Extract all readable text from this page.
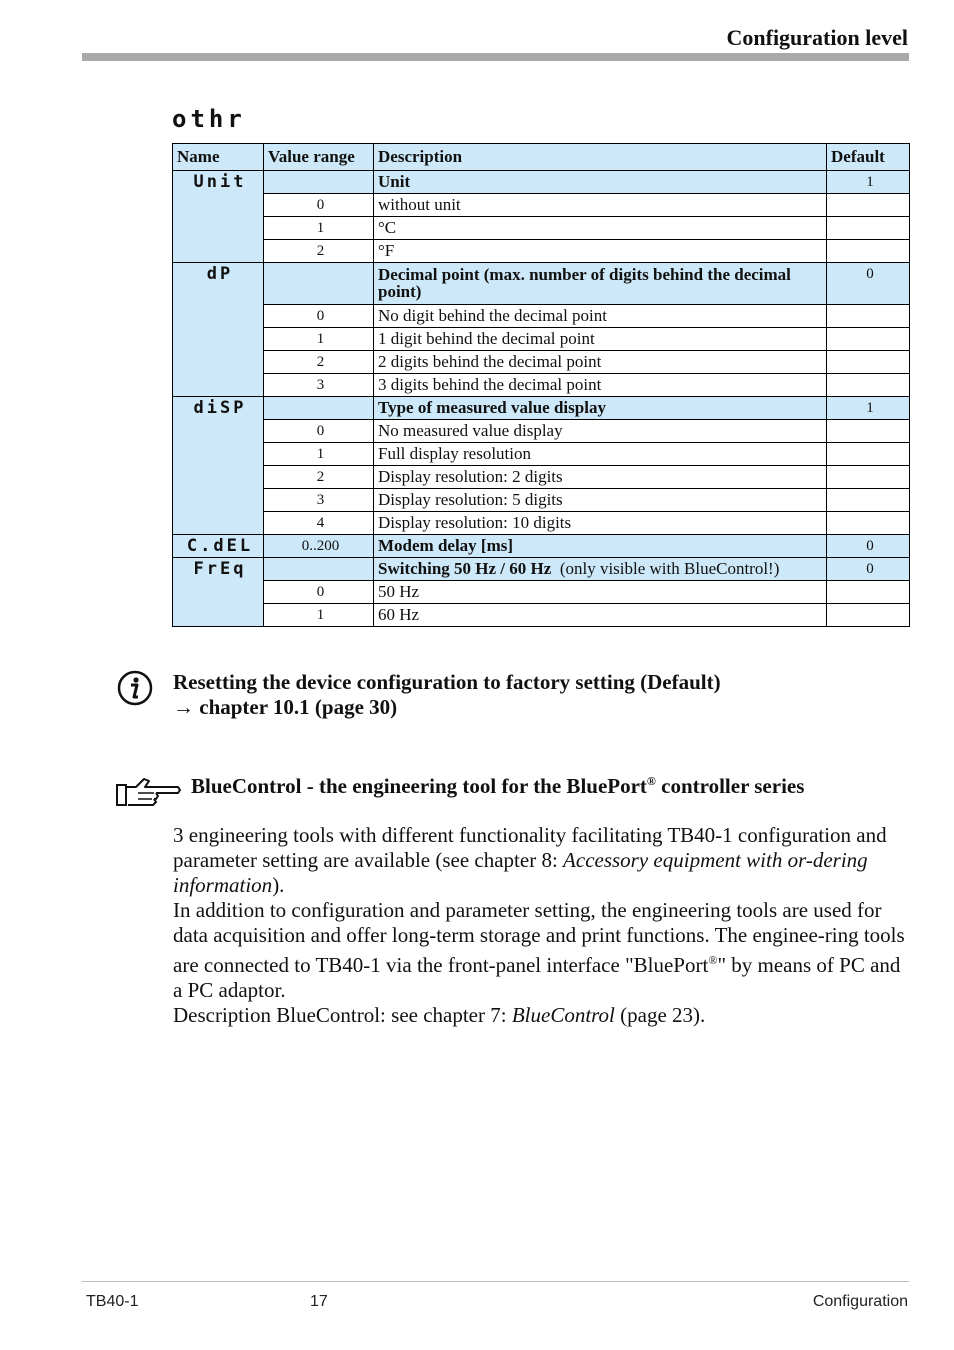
Configuration level
othr
Name	Value range	Description	Default
Unit		Unit	1
	0	without unit	
	1	°C	
	2	°F	
dP		Decimal point (max. number of digits behind the decimal point)	0
	0	No digit behind the decimal point	
	1	1 digit behind the decimal point	
	2	2 digits behind the decimal point	
	3	3 digits behind the decimal point	
diSP		Type of measured value display	1
	0	No measured value display	
	1	Full display resolution	
	2	Display resolution: 2 digits	
	3	Display resolution: 5 digits	
	4	Display resolution: 10 digits	
C.dEL	0..200	Modem delay [ms]	0
FrEq		Switching 50 Hz / 60 Hz (only visible with BlueControl!)	0
	0	50 Hz	
	1	60 Hz	
Resetting the device configuration to factory setting (Default)
→ chapter 10.1 (page 30)
BlueControl - the engineering tool for the BluePort® controller series

3 engineering tools with different functionality facilitating TB40-1 configuration and parameter setting are available (see chapter 8: Accessory equipment with or-dering information).

In addition to configuration and parameter setting, the engineering tools are used for data acquisition and offer long-term storage and print functions. The enginee-ring tools are connected to TB40-1 via the front-panel interface "BluePort®" by means of PC and a PC adaptor.

Description BlueControl: see chapter 7: BlueControl (page 23).

TB40-1	17	Configuration
